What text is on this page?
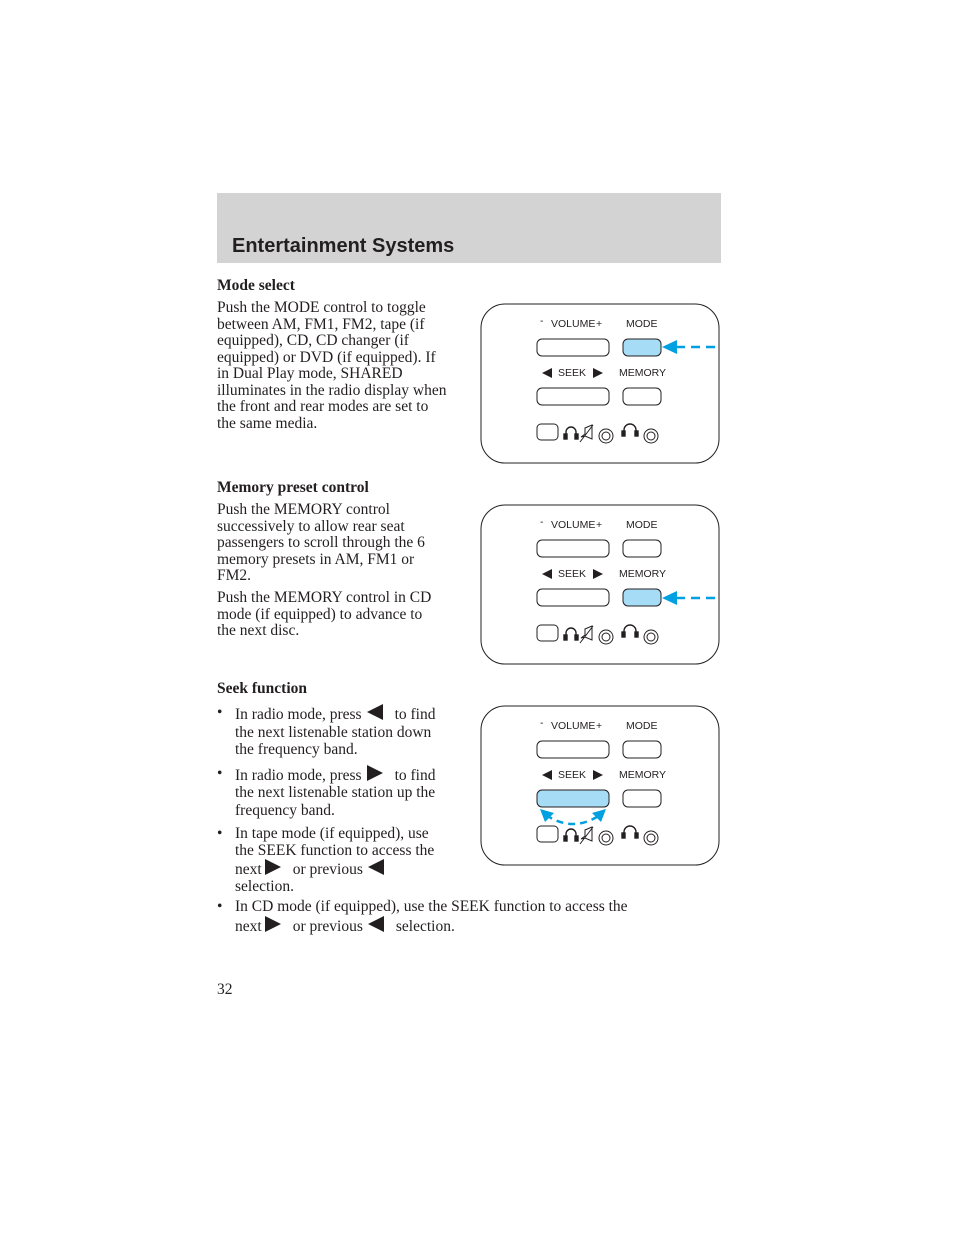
Entertainment Systems
Mode select

Push the MODE control to toggle
between AM, FM1, FM2, tape (if
equipped), CD, CD changer (if
equipped) or DVD (if equipped). If
in Dual Play mode, SHARED
illuminates in the radio display when
the front and rear modes are set to
the same media.

- VOLUME + MODE
SEEK	MEMORY
Memory preset control

Push the MEMORY control
successively to allow rear seat
passengers to scroll through the 6
memory presets in AM, FM1 or
FM2.

Push the MEMORY control in CD
mode (if equipped) to advance to
the next disc.

- VOLUME + MODE
SEEK	MEMORY
Seek function
• In radio mode, press to find
the next listenable station down
the frequency band.
• In radio mode, press to find
the next listenable station up the
frequency band.
• In tape mode (if equipped), use
the SEEK function to access the
next or previous
selection.
• In CD mode (if equipped), use the SEEK function to access the
next or previous selection.
- VOLUME + MODE
SEEK	MEMORY

32
